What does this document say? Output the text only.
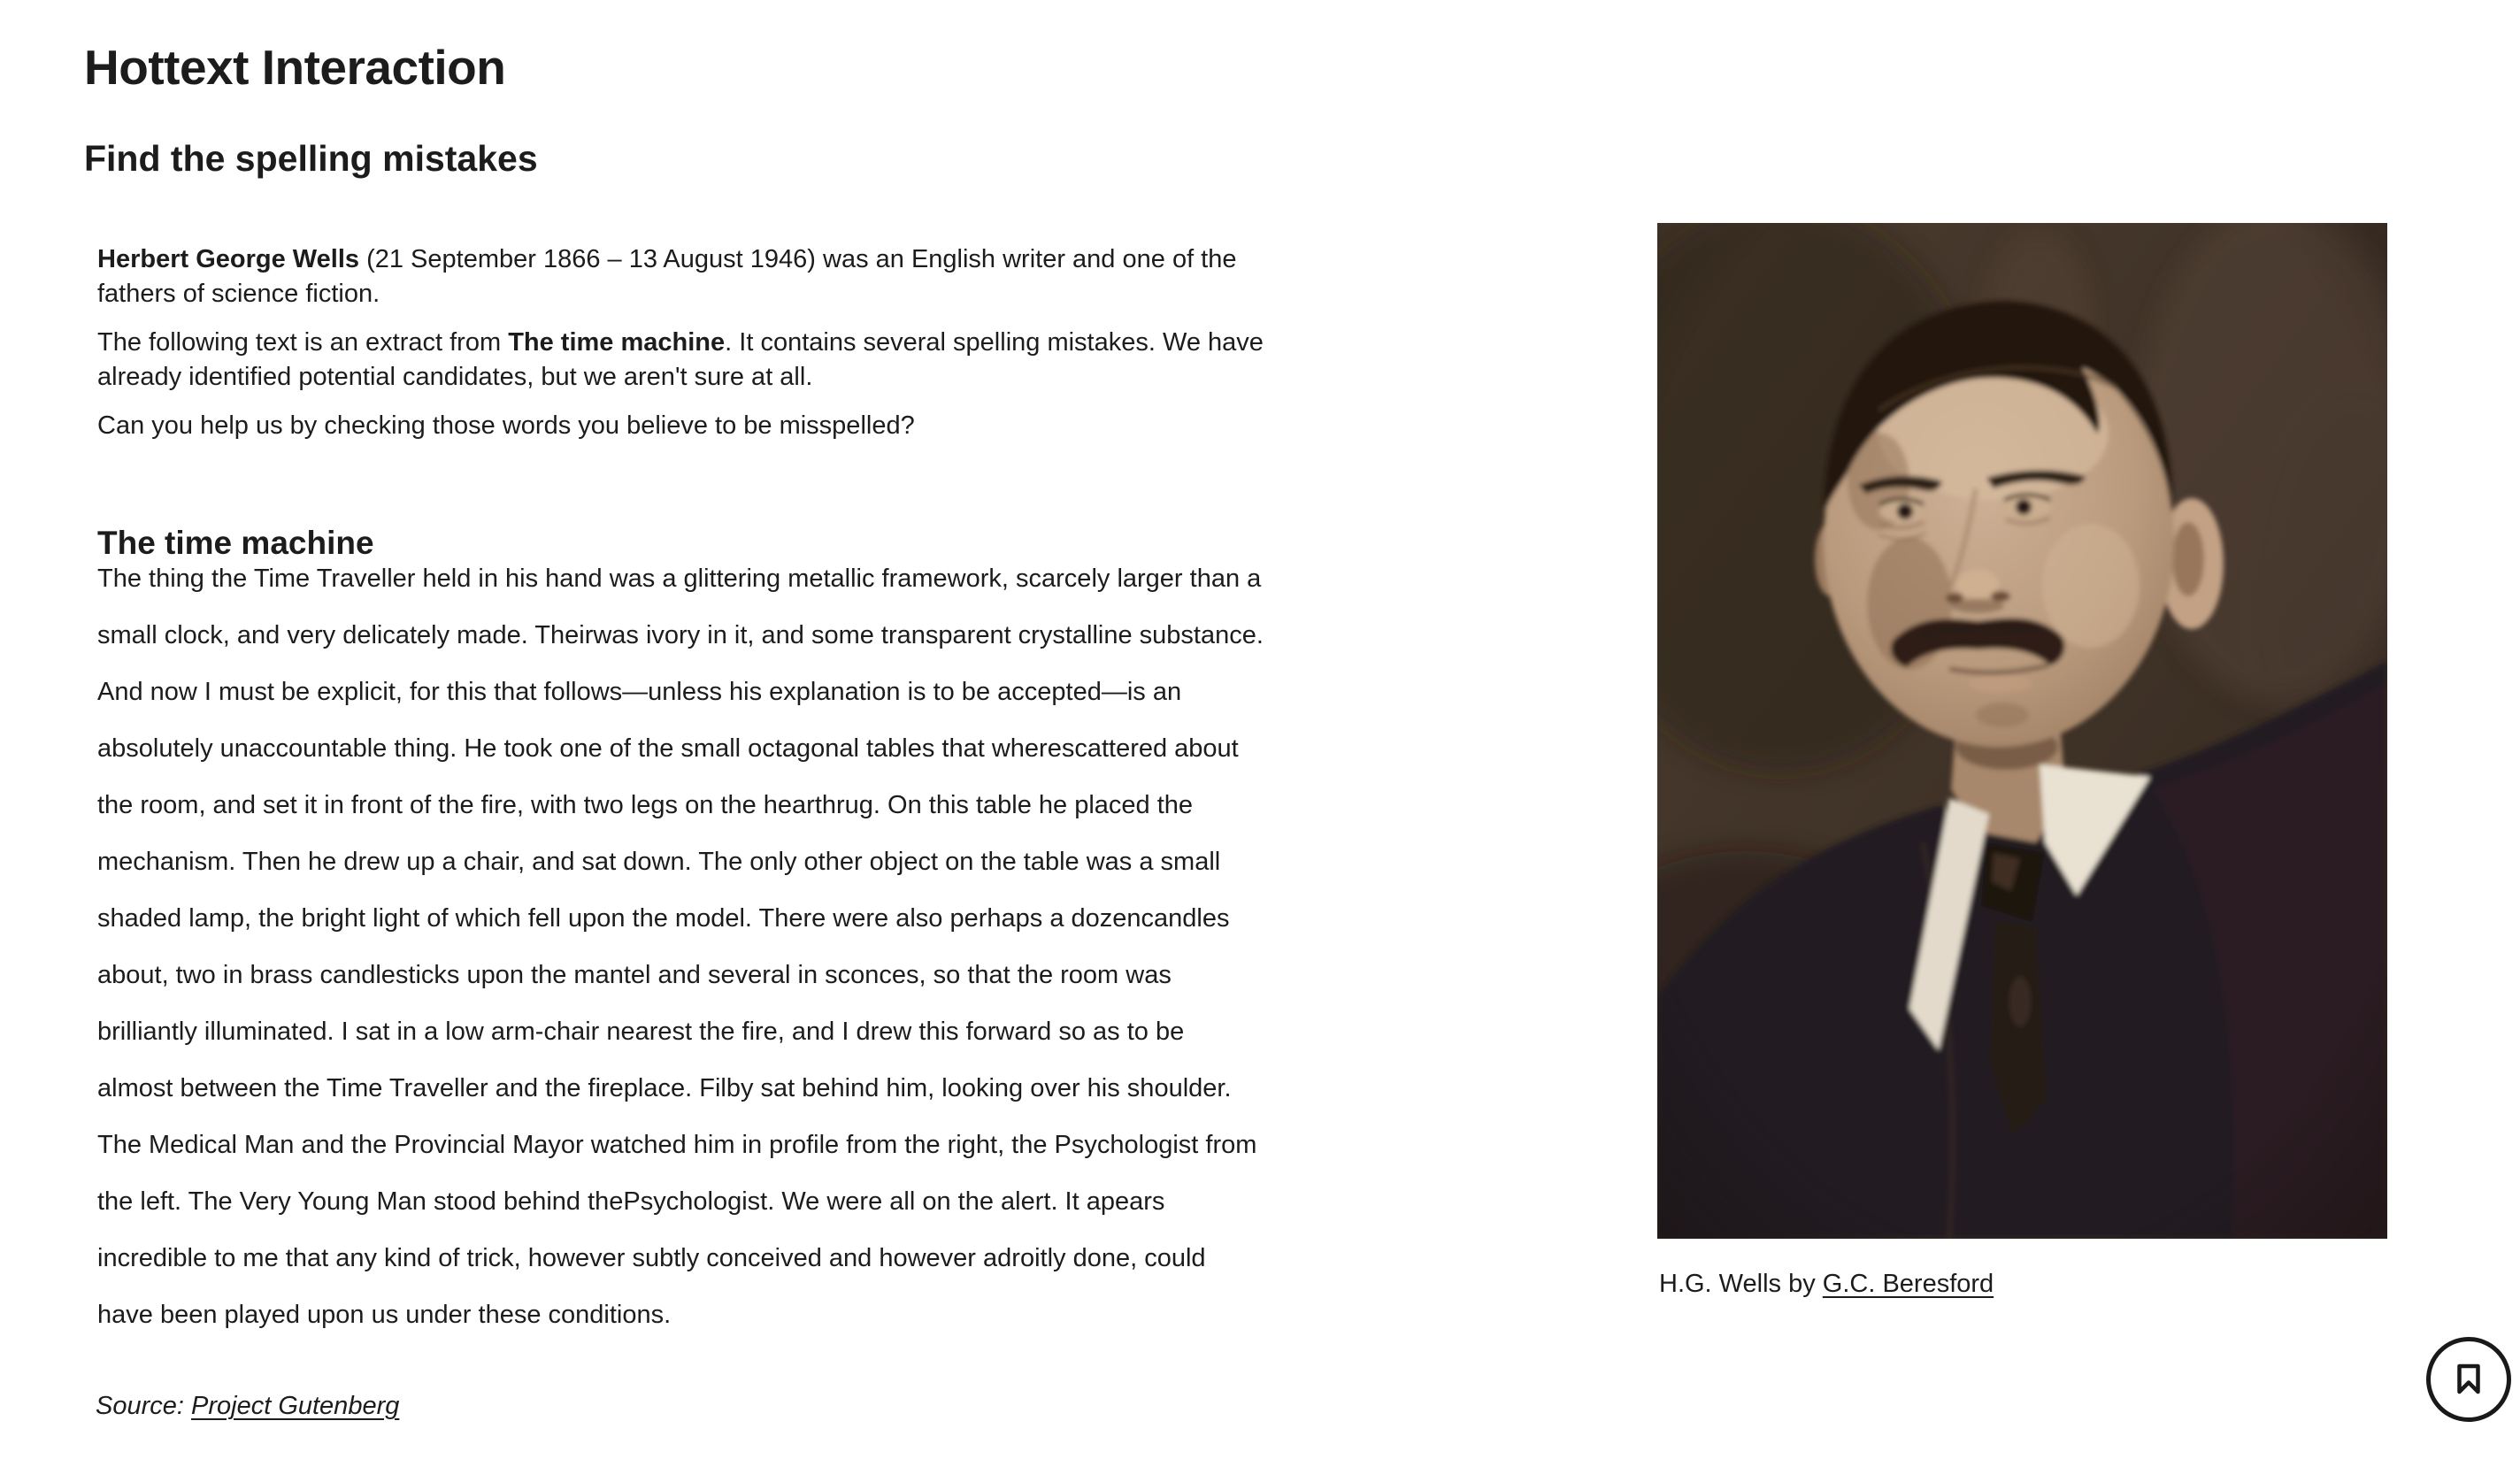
Hottext Interaction
Find the spelling mistakes

Herbert George Wells (21 September 1866 – 13 August 1946) was an English writer and one of the
fathers of science fiction.

The following text is an extract from The time machine. It contains several spelling mistakes. We have
already identified potential candidates, but we aren't sure at all.

Can you help us by checking those words you believe to be misspelled?

The time machine
The thing the Time Traveller held in his hand was a glittering metallic framework, scarcely larger than a
small clock, and very delicately made. Theirwas ivory in it, and some transparent crystalline substance.
And now I must be explicit, for this that follows—unless his explanation is to be accepted—is an
absolutely unaccountable thing. He took one of the small octagonal tables that wherescattered about
the room, and set it in front of the fire, with two legs on the hearthrug. On this table he placed the
mechanism. Then he drew up a chair, and sat down. The only other object on the table was a small
shaded lamp, the bright light of which fell upon the model. There were also perhaps a dozencandles
about, two in brass candlesticks upon the mantel and several in sconces, so that the room was
brilliantly illuminated. I sat in a low arm-chair nearest the fire, and I drew this forward so as to be
almost between the Time Traveller and the fireplace. Filby sat behind him, looking over his shoulder.
The Medical Man and the Provincial Mayor watched him in profile from the right, the Psychologist from
the left. The Very Young Man stood behind thePsychologist. We were all on the alert. It apears
incredible to me that any kind of trick, however subtly conceived and however adroitly done, could
have been played upon us under these conditions.

Source: Project Gutenberg

H.G. Wells by G.C. Beresford
